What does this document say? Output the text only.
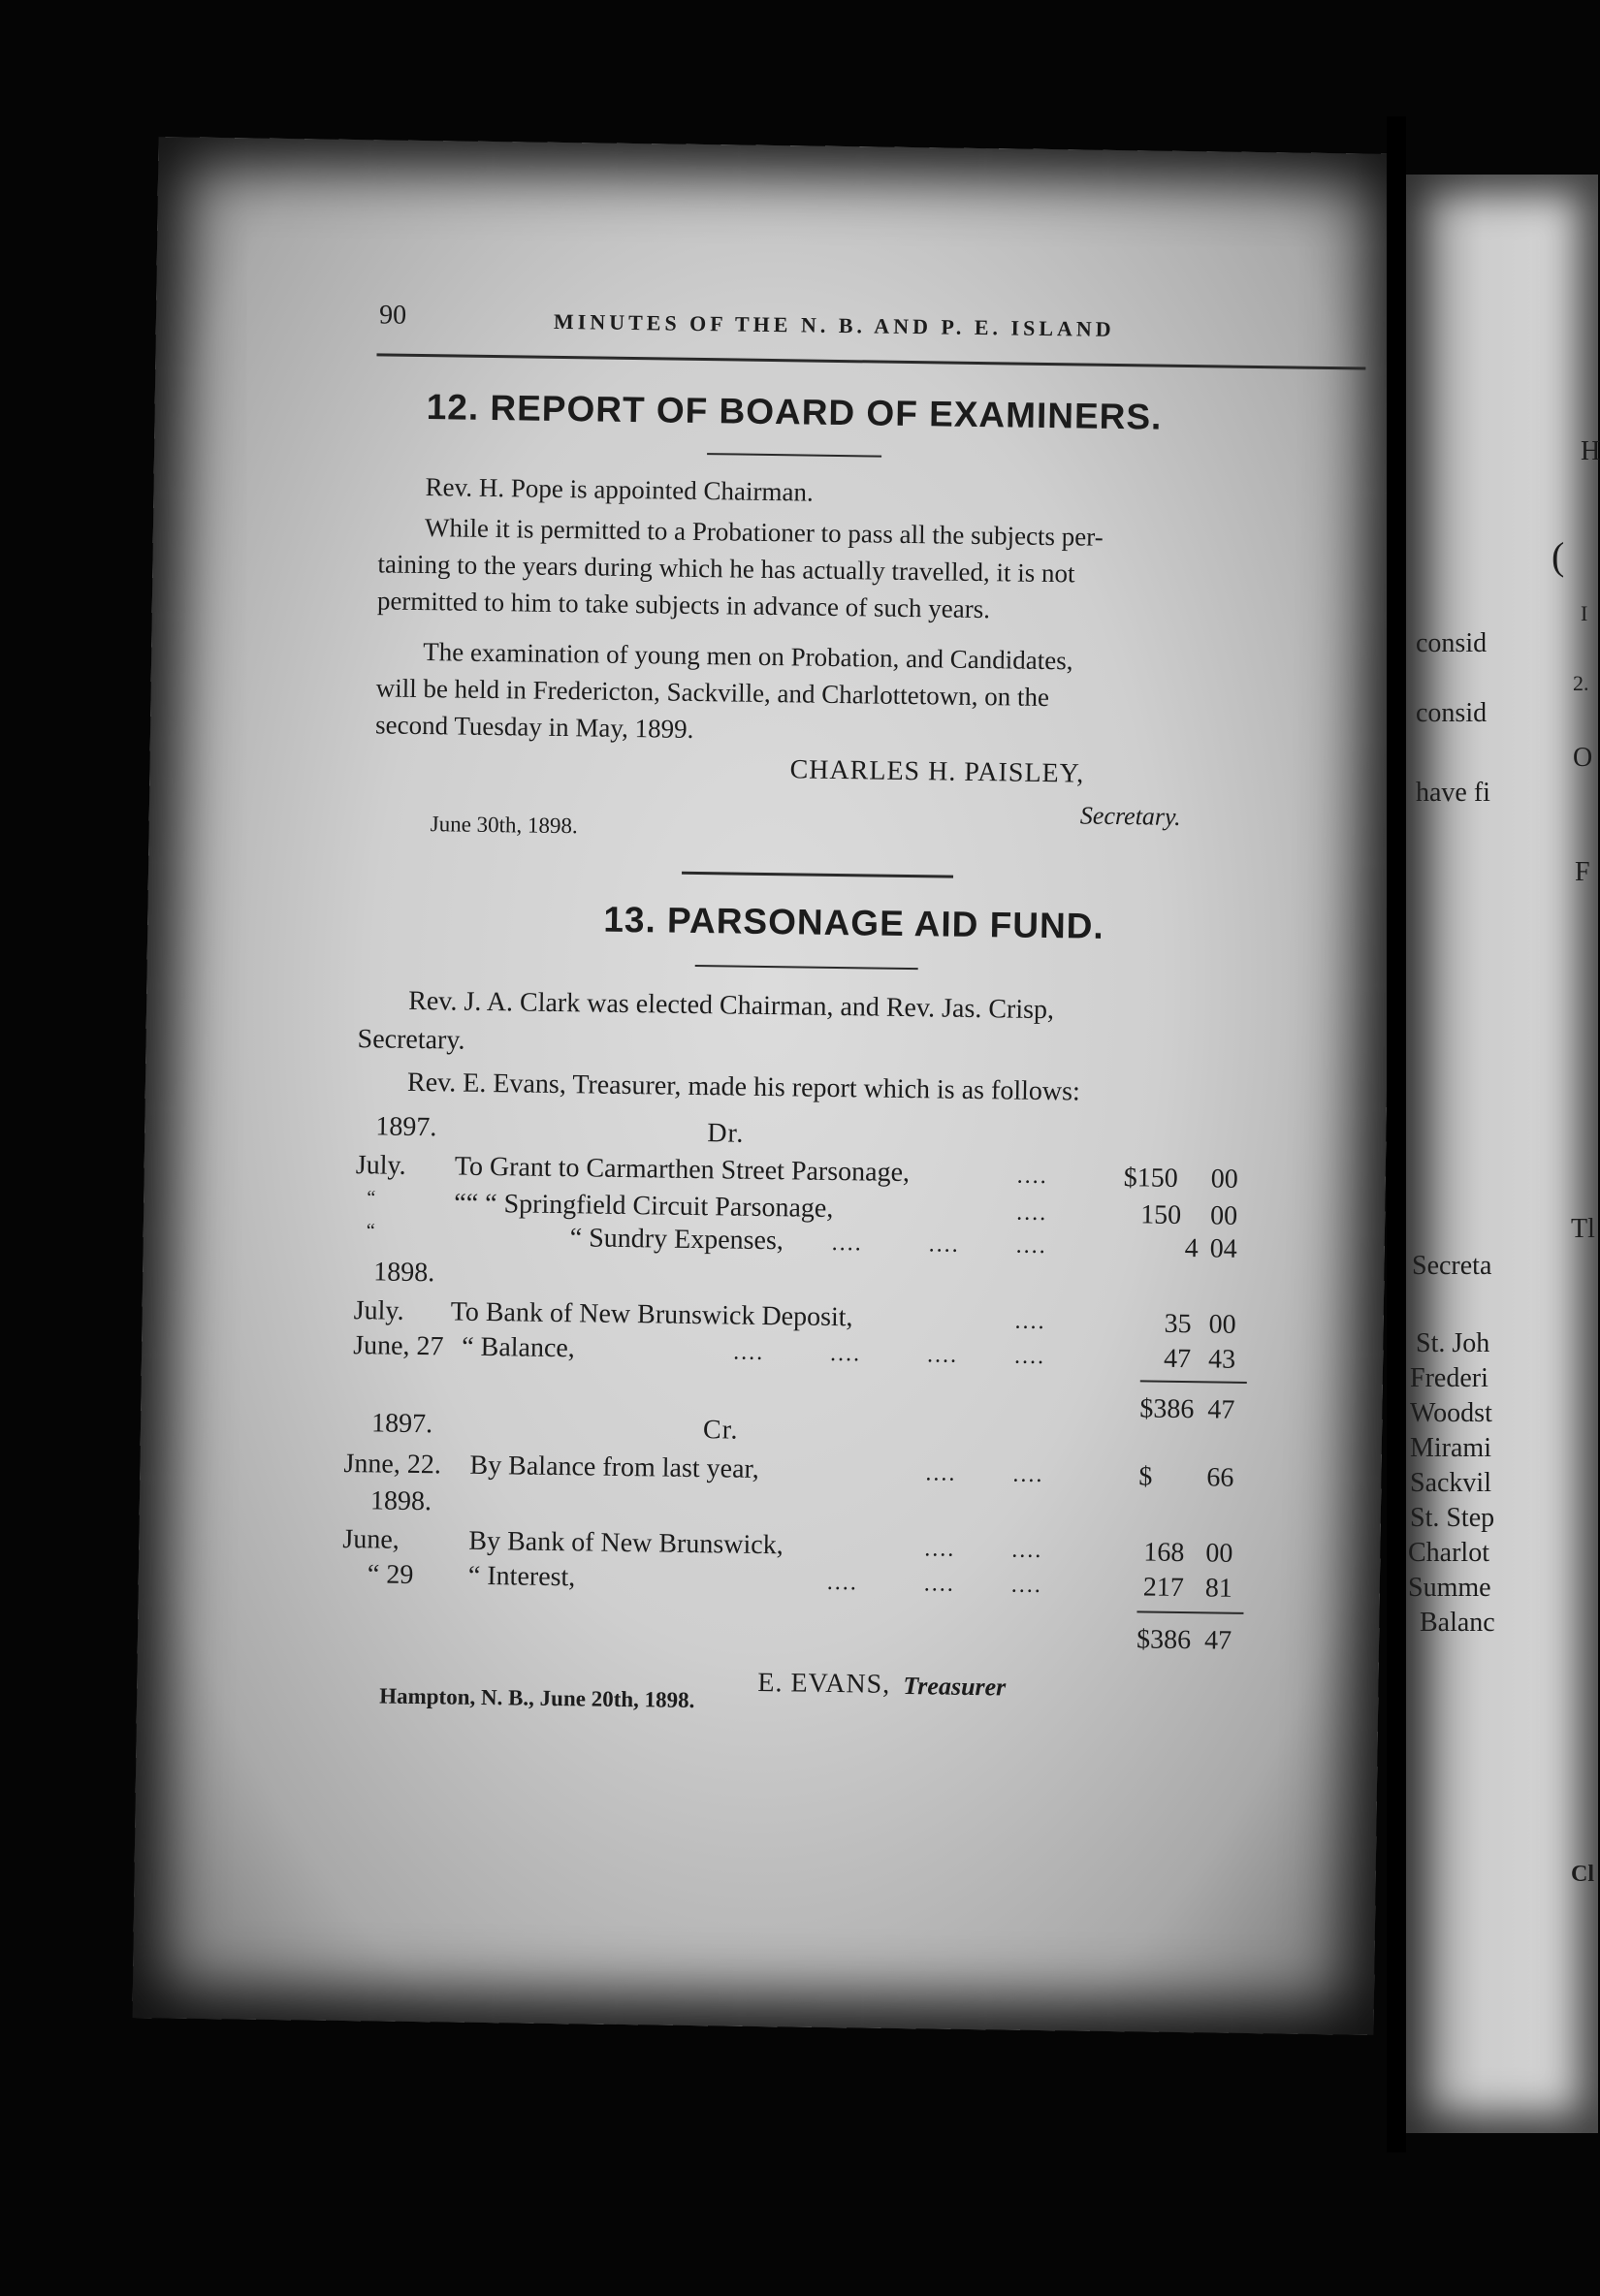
90	MINUTES OF THE N. B. AND P. E. ISLAND
12. REPORT OF BOARD OF EXAMINERS.
Rev. H. Pope is appointed Chairman.
While it is permitted to a Probationer to pass all the subjects per-
taining to the years during which he has actually travelled, it is not
permitted to him to take subjects in advance of such years.
The examination of young men on Probation, and Candidates,
will be held in Fredericton, Sackville, and Charlottetown, on the
second Tuesday in May, 1899.
CHARLES H. PAISLEY,
Secretary.
June 30th, 1898.
13. PARSONAGE AID FUND.
Rev. J. A. Clark was elected Chairman, and Rev. Jas. Crisp,
Secretary.
Rev. E. Evans, Treasurer, made his report which is as follows:
1897.	Dr.
July. To Grant to Carmarthen Street Parsonage,	....	$150 00
“	““ “ Springfield Circuit Parsonage,	....	150 00
“	“ Sundry Expenses, ....	.... ....	4 04
1898.
July. To Bank of New Brunswick Deposit,	....	35 00
June, 27 “ Balance,	....	....	.... ....	47 43
$386 47
1897.	Cr.
Jnne, 22. By Balance from last year,	.... ....	$ 66
1898.
June,	By Bank of New Brunswick,	.... ....	168 00
“ 29 “ Interest,	....	.... ....	217 81
$386 47
Hampton, N. B., June 20th, 1898. E. EVANS, Treasurer
H
(
I
consid
2.
consid
O
have fi
F
Tl
Secreta
St. Joh
Frederi
Woodst
Mirami
Sackvil
St. Step
Charlot
Summe
Balanc
Cl
